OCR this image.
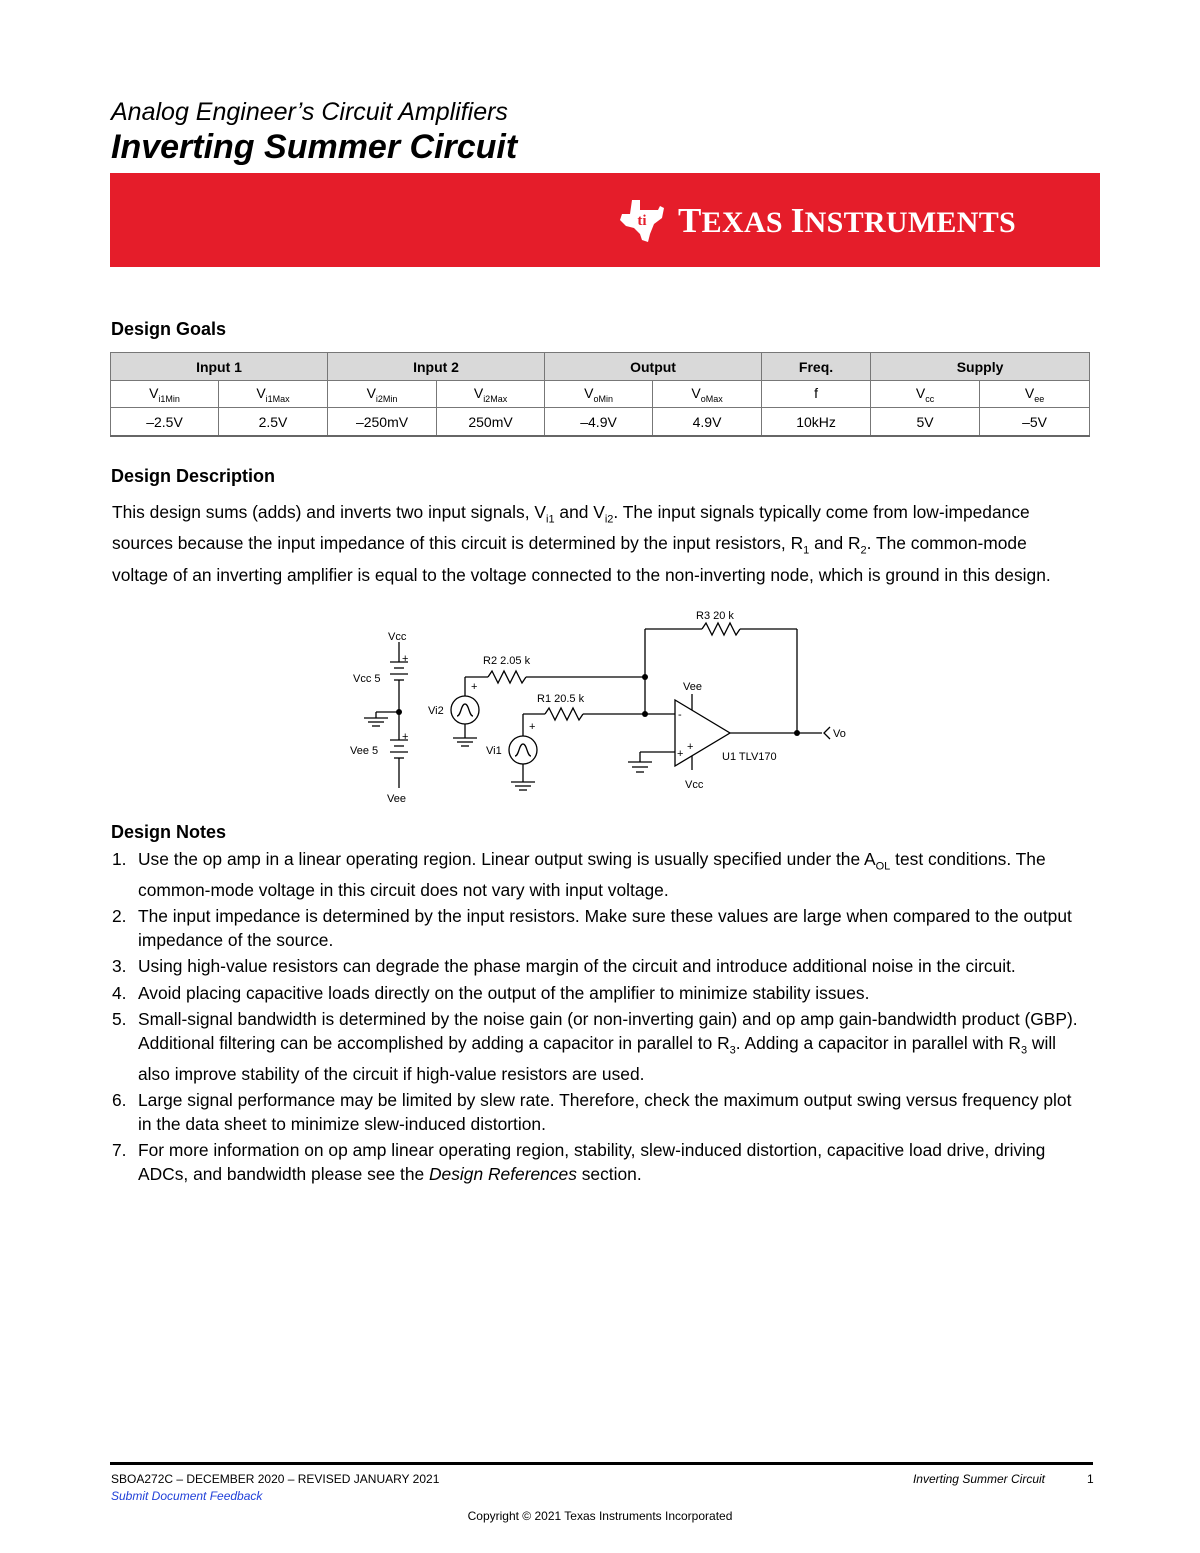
Analog Engineer’s Circuit Amplifiers
Inverting Summer Circuit
ti TEXAS INSTRUMENTS
Design Goals
Input 1		Input 2		Output		Freq.	Supply	
$V_{i1Min}$	$V_{i1Max}$	$V_{i2Min}$	$V_{i2Max}$	$V_{oMin}$	$V_{oMax}$	f	$V_{cc}$	$V_{ee}$
–2.5V	2.5V	–250mV	250mV	–4.9V	4.9V	10kHz	5V	–5V
Design Description

This design sums (adds) and inverts two input signals, $V_{i1}$ and $V_{i2}$. The input signals typically come from low-impedance sources because the input impedance of this circuit is determined by the input resistors, $R_1$ and $R_2$. The common-mode voltage of an inverting amplifier is equal to the voltage connected to the non-inverting node, which is ground in this design.

Vcc
+
Vcc 5
+
Vee 5
Vee
R2 2.05 k
+
Vi2
R1 20.5 k
+
Vi1
R3 20 k
Vee
-
+
+
U1 TLV170
Vcc
Vo
Design Notes
1. Use the op amp in a linear operating region. Linear output swing is usually specified under the $A_{OL}$ test conditions. The common-mode voltage in this circuit does not vary with input voltage.
2. The input impedance is determined by the input resistors. Make sure these values are large when compared to the output impedance of the source.
3. Using high-value resistors can degrade the phase margin of the circuit and introduce additional noise in the circuit.
4. Avoid placing capacitive loads directly on the output of the amplifier to minimize stability issues.
5. Small-signal bandwidth is determined by the noise gain (or non-inverting gain) and op amp gain-bandwidth product (GBP). Additional filtering can be accomplished by adding a capacitor in parallel to $R_3$. Adding a capacitor in parallel with $R_3$ will also improve stability of the circuit if high-value resistors are used.
6. Large signal performance may be limited by slew rate. Therefore, check the maximum output swing versus frequency plot in the data sheet to minimize slew-induced distortion.
7. For more information on op amp linear operating region, stability, slew-induced distortion, capacitive load drive, driving ADCs, and bandwidth please see the Design References section.
SBOA272C – DECEMBER 2020 – REVISED JANUARY 2021
Submit Document Feedback
Inverting Summer Circuit	1
Copyright © 2021 Texas Instruments Incorporated
